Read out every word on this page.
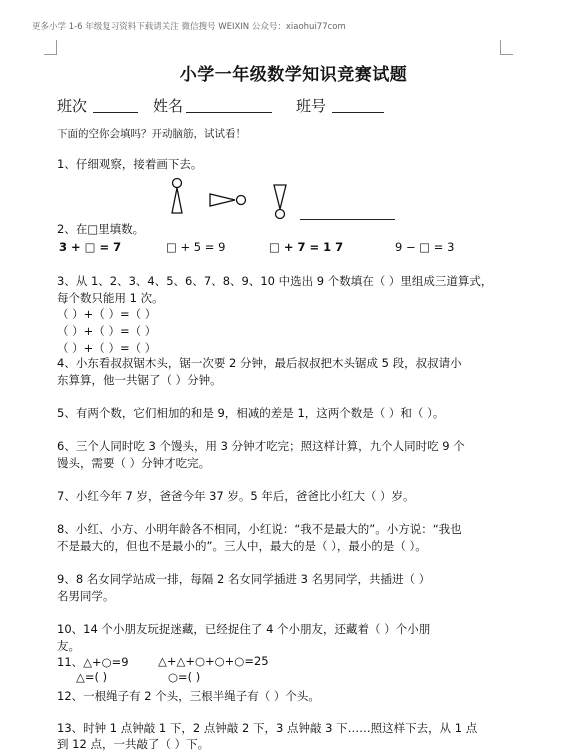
更多小学 1-6 年级复习资料下载请关注 微信搜号 WEIXIN 公众号：xiaohui77com
小学一年级数学知识竞赛试题
班次	姓名	班号
下面的空你会填吗？开动脑筋，试试看！
1、仔细观察，接着画下去。
2、在□里填数。
3 + □ = 7	□ + 5 = 9	□ + 7 = 1 7	9 − □ = 3
3、从 1、2、3、4、5、6、7、8、9、10 中选出 9 个数填在（ ）里组成三道算式，
每个数只能用 1 次。
（ ）+（ ）=（ ）
（ ）+（ ）=（ ）
（ ）+（ ）=（ ）
4、小东看叔叔锯木头，锯一次要 2 分钟，最后叔叔把木头锯成 5 段，叔叔请小
东算算，他一共锯了（ ）分钟。
5、有两个数，它们相加的和是 9，相减的差是 1，这两个数是（ ）和（ ）。
6、三个人同时吃 3 个馒头，用 3 分钟才吃完；照这样计算，九个人同时吃 9 个
馒头，需要（ ）分钟才吃完。
7、小红今年 7 岁，爸爸今年 37 岁。5 年后，爸爸比小红大（ ）岁。
8、小红、小方、小明年龄各不相同，小红说：“我不是最大的”。小方说：“我也
不是最大的，但也不是最小的”。三人中，最大的是（ ），最小的是（ ）。
9、8 名女同学站成一排，每隔 2 名女同学插进 3 名男同学，共插进（ ）
名男同学。
10、14 个小朋友玩捉迷藏，已经捉住了 4 个小朋友，还藏着（ ）个小朋
友。
11、△+○=9	△+△+○+○+○=25
△=( )	○=( )
12、一根绳子有 2 个头，三根半绳子有（ ）个头。
13、时钟 1 点钟敲 1 下，2 点钟敲 2 下，3 点钟敲 3 下……照这样下去，从 1 点
到 12 点，一共敲了（ ）下。
